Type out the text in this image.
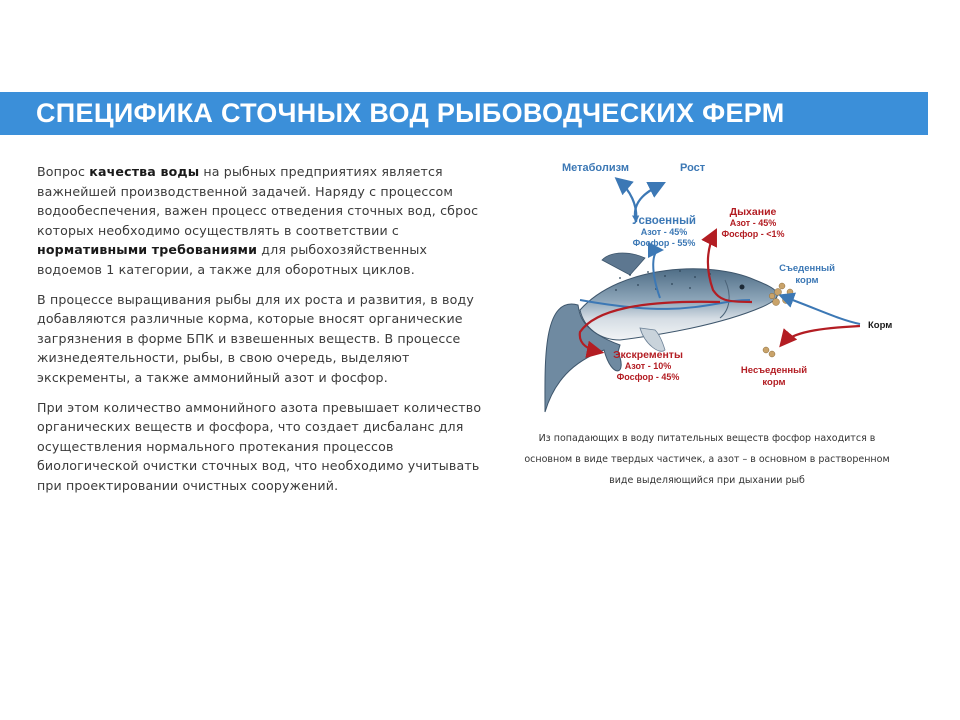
СПЕЦИФИКА СТОЧНЫХ ВОД РЫБОВОДЧЕСКИХ ФЕРМ

Вопрос качества воды на рыбных предприятиях является важнейшей производственной задачей. Наряду с процессом водообеспечения, важен процесс отведения сточных вод, сброс которых необходимо осуществлять в соответствии с нормативными требованиями для рыбохозяйственных водоемов 1 категории, а также для оборотных циклов.

В процессе выращивания рыбы для их роста и развития, в воду добавляются различные корма, которые вносят органические загрязнения в форме БПК и взвешенных веществ. В процессе жизнедеятельности, рыбы, в свою очередь, выделяют экскременты, а также аммонийный азот и фосфор.

При этом количество аммонийного азота превышает количество органических веществ и фосфора, что создает дисбаланс для осуществления нормального протекания процессов биологической очистки сточных вод, что необходимо учитывать при проектировании очистных сооружений.

Метаболизм	Рост
Усвоенный
Азот - 45%
Фосфор - 55%
Дыхание
Азот - 45%
Фосфор - <1%
Съеденный
корм
Корм
Несъеденный
корм
Экскременты
Азот - 10%
Фосфор - 45%
Из попадающих в воду питательных веществ фосфор находится в основном в виде твердых частичек, а азот – в основном в растворенном виде выделяющийся при дыхании рыб
